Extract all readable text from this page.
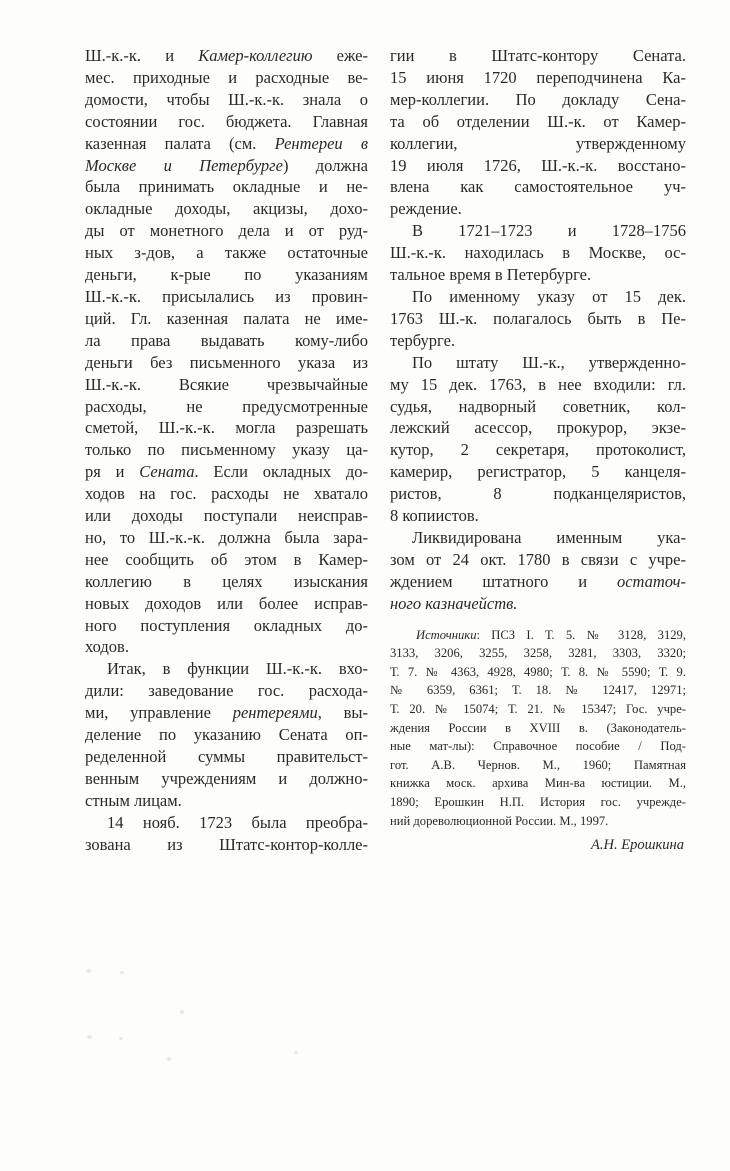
Ш.-к.-к. и Камер-коллегию еже-
мес. приходные и расходные ве-
домости, чтобы Ш.-к.-к. знала о
состоянии гос. бюджета. Главная
казенная палата (см. Рентереи в
Москве и Петербурге) должна
была принимать окладные и не-
окладные доходы, акцизы, дохо-
ды от монетного дела и от руд-
ных з-дов, а также остаточные
деньги, к-рые по указаниям
Ш.-к.-к. присылались из провин-
ций. Гл. казенная палата не име-
ла права выдавать кому-либо
деньги без письменного указа из
Ш.-к.-к. Всякие чрезвычайные
расходы, не предусмотренные
сметой, Ш.-к.-к. могла разрешать
только по письменному указу ца-
ря и Сената. Если окладных до-
ходов на гос. расходы не хватало
или доходы поступали неисправ-
но, то Ш.-к.-к. должна была зара-
нее сообщить об этом в Камер-
коллегию в целях изыскания
новых доходов или более исправ-
ного поступления окладных до-
ходов.
Итак, в функции Ш.-к.-к. вхо-
дили: заведование гос. расхода-
ми, управление рентереями, вы-
деление по указанию Сената оп-
ределенной суммы правительст-
венным учреждениям и должно-
стным лицам.
14 нояб. 1723 была преобра-
зована из Штатс-контор-колле-
гии в Штатс-контору Сената.
15 июня 1720 переподчинена Ка-
мер-коллегии. По докладу Сена-
та об отделении Ш.-к. от Камер-
коллегии, утвержденному
19 июля 1726, Ш.-к.-к. восстано-
влена как самостоятельное уч-
реждение.
В 1721–1723 и 1728–1756
Ш.-к.-к. находилась в Москве, ос-
тальное время в Петербурге.
По именному указу от 15 дек.
1763 Ш.-к. полагалось быть в Пе-
тербурге.
По штату Ш.-к., утвержденно-
му 15 дек. 1763, в нее входили: гл.
судья, надворный советник, кол-
лежский асессор, прокурор, экзе-
кутор, 2 секретаря, протоколист,
камерир, регистратор, 5 канцеля-
ристов, 8 подканцеляристов,
8 копиистов.
Ликвидирована именным ука-
зом от 24 окт. 1780 в связи с учре-
ждением штатного и остаточ-
ного казначейств.
Источники: ПСЗ I. Т. 5. № 3128, 3129,
3133, 3206, 3255, 3258, 3281, 3303, 3320;
Т. 7. № 4363, 4928, 4980; Т. 8. № 5590; Т. 9.
№ 6359, 6361; Т. 18. № 12417, 12971;
Т. 20. № 15074; Т. 21. № 15347; Гос. учре-
ждения России в XVIII в. (Законодатель-
ные мат-лы): Справочное пособие / Под-
гот. А.В. Чернов. М., 1960; Памятная
книжка моск. архива Мин-ва юстиции. М.,
1890; Ерошкин Н.П. История гос. учрежде-
ний дореволюционной России. М., 1997.
А.Н. Ерошкина
